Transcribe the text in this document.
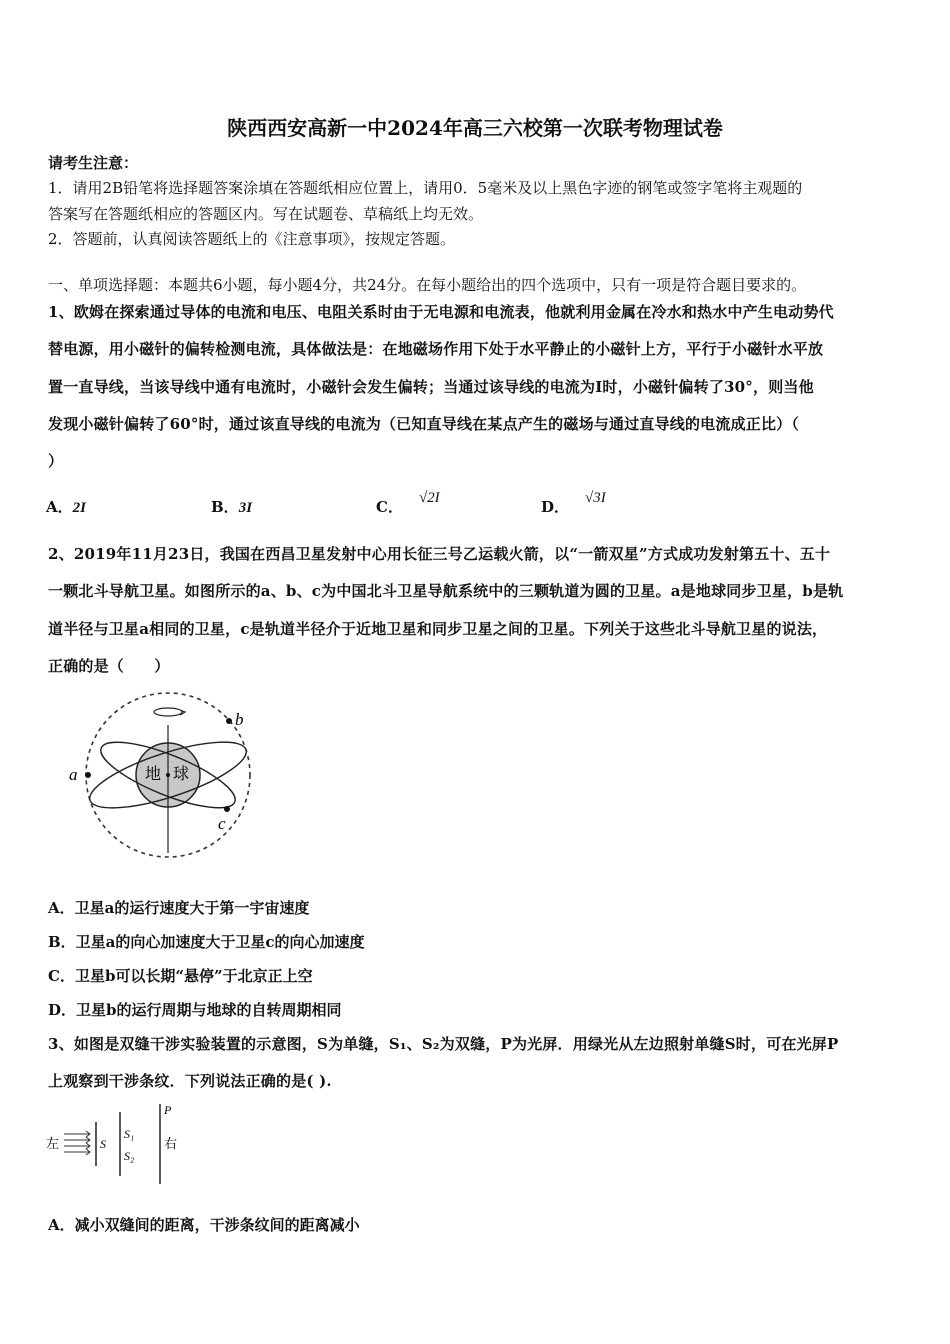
陕西西安高新一中2024年高三六校第一次联考物理试卷
请考生注意：
1．请用2B铅笔将选择题答案涂填在答题纸相应位置上，请用0．5毫米及以上黑色字迹的钢笔或签字笔将主观题的
答案写在答题纸相应的答题区内。写在试题卷、草稿纸上均无效。
2．答题前，认真阅读答题纸上的《注意事项》，按规定答题。
一、单项选择题：本题共6小题，每小题4分，共24分。在每小题给出的四个选项中，只有一项是符合题目要求的。
1、欧姆在探索通过导体的电流和电压、电阻关系时由于无电源和电流表，他就利用金属在冷水和热水中产生电动势代
替电源，用小磁针的偏转检测电流，具体做法是：在地磁场作用下处于水平静止的小磁针上方，平行于小磁针水平放
置一直导线，当该导线中通有电流时，小磁针会发生偏转；当通过该导线的电流为I时，小磁针偏转了30°，则当他
发现小磁针偏转了60°时，通过该直导线的电流为（已知直导线在某点产生的磁场与通过直导线的电流成正比）（
）
A．2I	B．3I	C． √2I	D． √3I
2、2019年11月23日，我国在西昌卫星发射中心用长征三号乙运载火箭，以“一箭双星”方式成功发射第五十、五十
一颗北斗导航卫星。如图所示的a、b、c为中国北斗卫星导航系统中的三颗轨道为圆的卫星。a是地球同步卫星，b是轨
道半径与卫星a相同的卫星，c是轨道半径介于近地卫星和同步卫星之间的卫星。下列关于这些北斗导航卫星的说法，
正确的是（　　）
地 球
a
b
c
A．卫星a的运行速度大于第一宇宙速度
B．卫星a的向心加速度大于卫星c的向心加速度
C．卫星b可以长期“悬停”于北京正上空
D．卫星b的运行周期与地球的自转周期相同
3、如图是双缝干涉实验装置的示意图，S为单缝，S₁、S₂为双缝，P为光屏．用绿光从左边照射单缝S时，可在光屏P
上观察到干涉条纹．下列说法正确的是( ).
左	S
S₁
S₂
P
右
A．减小双缝间的距离，干涉条纹间的距离减小
